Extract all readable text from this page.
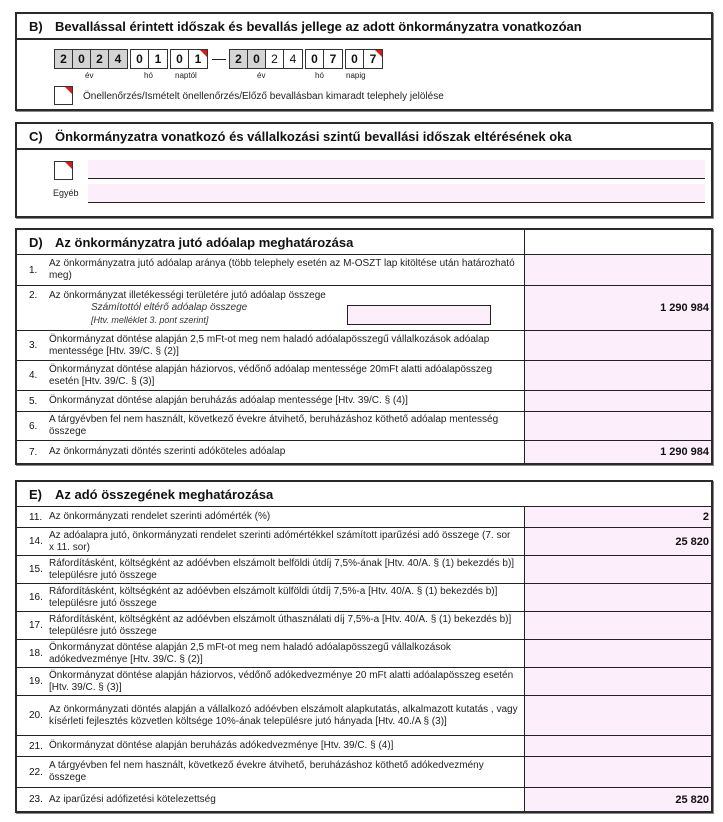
B) Bevallással érintett időszak és bevallás jellege az adott önkormányzatra vonatkozóan
2 0 2 4	0 1	0 1	2 0 2 4	0 7	0 7
év	hó	naptól	év	hó	napig
Önellenőrzés/Ismételt önellenőrzés/Előző bevallásban kimaradt telephely jelölése
C) Önkormányzatra vonatkozó és vállalkozási szintű bevallási időszak eltérésének oka
Egyéb
D) Az önkormányzatra jutó adóalap meghatározása
1.
Az önkormányzatra jutó adóalap aránya (több telephely esetén az M-OSZT lap kitöltése után határozható meg)
2.	Az önkormányzat illetékességi területére jutó adóalap összege
Számítottól eltérő adóalap összege
[Htv. melléklet 3. pont szerint]
1 290 984
3.
Önkormányzat döntése alapján 2,5 mFt-ot meg nem haladó adóalapösszegű vállalkozások adóalap mentessége [Htv. 39/C. § (2)]
4.
Önkormányzat döntése alapján háziorvos, védőnő adóalap mentessége 20mFt alatti adóalapösszeg esetén [Htv. 39/C. § (3)]
5.	Önkormányzat döntése alapján beruházás adóalap mentessége [Htv. 39/C. § (4)]
6.
A tárgyévben fel nem használt, következő évekre átvihető, beruházáshoz köthető adóalap mentesség összege
7.	Az önkormányzati döntés szerinti adóköteles adóalap	1 290 984
E)	Az adó összegének meghatározása
11. Az önkormányzati rendelet szerinti adómérték (%)	2
14.
Az adóalapra jutó, önkormányzati rendelet szerinti adómértékkel számított iparűzési adó összege (7. sor x 11. sor)	25 820
15.
Ráfordításként, költségként az adóévben elszámolt belföldi útdíj 7,5%-ának [Htv. 40/A. § (1) bekezdés b)] településre jutó összege
16.
Ráfordításként, költségként az adóévben elszámolt külföldi útdíj 7,5%-a [Htv. 40/A. § (1) bekezdés b)] településre jutó összege
17.
Ráfordításként, költségként az adóévben elszámolt úthasználati díj 7,5%-a [Htv. 40/A. § (1) bekezdés b)] településre jutó összege
18.
Önkormányzat döntése alapján 2,5 mFt-ot meg nem haladó adóalapösszegű vállalkozások adókedvezménye [Htv. 39/C. § (2)]
19.
Önkormányzat döntése alapján háziorvos, védőnő adókedvezménye 20 mFt alatti adóalapösszeg esetén [Htv. 39/C. § (3)]
20.
Az önkormányzati döntés alapján a vállalkozó adóévben elszámolt alapkutatás, alkalmazott kutatás , vagy kísérleti fejlesztés közvetlen költsége 10%-ának településre jutó hányada [Htv. 40./A § (3)]
21. Önkormányzat döntése alapján beruházás adókedvezménye [Htv. 39/C. § (4)]
22.
A tárgyévben fel nem használt, következő évekre átvihető, beruházáshoz köthető adókedvezmény összege
23. Az iparűzési adófizetési kötelezettség	25 820
